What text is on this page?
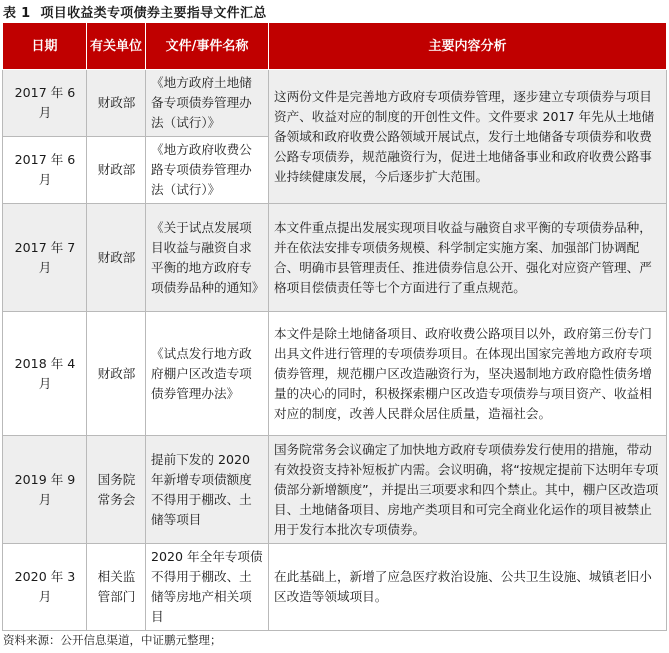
表 1 项目收益类专项债券主要指导文件汇总
日期	有关单位	文件/事件名称	主要内容分析
2017 年 6 月	财政部	《地方政府土地储备专项债券管理办法（试行）》	这两份文件是完善地方政府专项债券管理，逐步建立专项债券与项目资产、收益对应的制度的开创性文件。文件要求 2017 年先从土地储备领域和政府收费公路领域开展试点，发行土地储备专项债券和收费公路专项债券，规范融资行为，促进土地储备事业和政府收费公路事业持续健康发展，今后逐步扩大范围。
2017 年 6 月	财政部	《地方政府收费公路专项债券管理办法（试行）》	
2017 年 7 月	财政部	《关于试点发展项目收益与融资自求平衡的地方政府专项债券品种的通知》	本文件重点提出发展实现项目收益与融资自求平衡的专项债券品种，并在依法安排专项债务规模、科学制定实施方案、加强部门协调配合、明确市县管理责任、推进债券信息公开、强化对应资产管理、严格项目偿债责任等七个方面进行了重点规范。
2018 年 4 月	财政部	《试点发行地方政府棚户区改造专项债券管理办法》	本文件是除土地储备项目、政府收费公路项目以外，政府第三份专门出具文件进行管理的专项债券项目。在体现出国家完善地方政府专项债券管理，规范棚户区改造融资行为，坚决遏制地方政府隐性债务增量的决心的同时，积极探索棚户区改造专项债券与项目资产、收益相对应的制度，改善人民群众居住质量，造福社会。
2019 年 9 月	国务院常务会	提前下发的 2020 年新增专项债额度不得用于棚改、土储等项目	国务院常务会议确定了加快地方政府专项债券发行使用的措施，带动有效投资支持补短板扩内需。会议明确，将“按规定提前下达明年专项债部分新增额度”，并提出三项要求和四个禁止。其中，棚户区改造项目、土地储备项目、房地产类项目和可完全商业化运作的项目被禁止用于发行本批次专项债券。
2020 年 3 月	相关监管部门	2020 年全年专项债不得用于棚改、土储等房地产相关项目	在此基础上，新增了应急医疗救治设施、公共卫生设施、城镇老旧小区改造等领域项目。
资料来源：公开信息渠道，中证鹏元整理；
